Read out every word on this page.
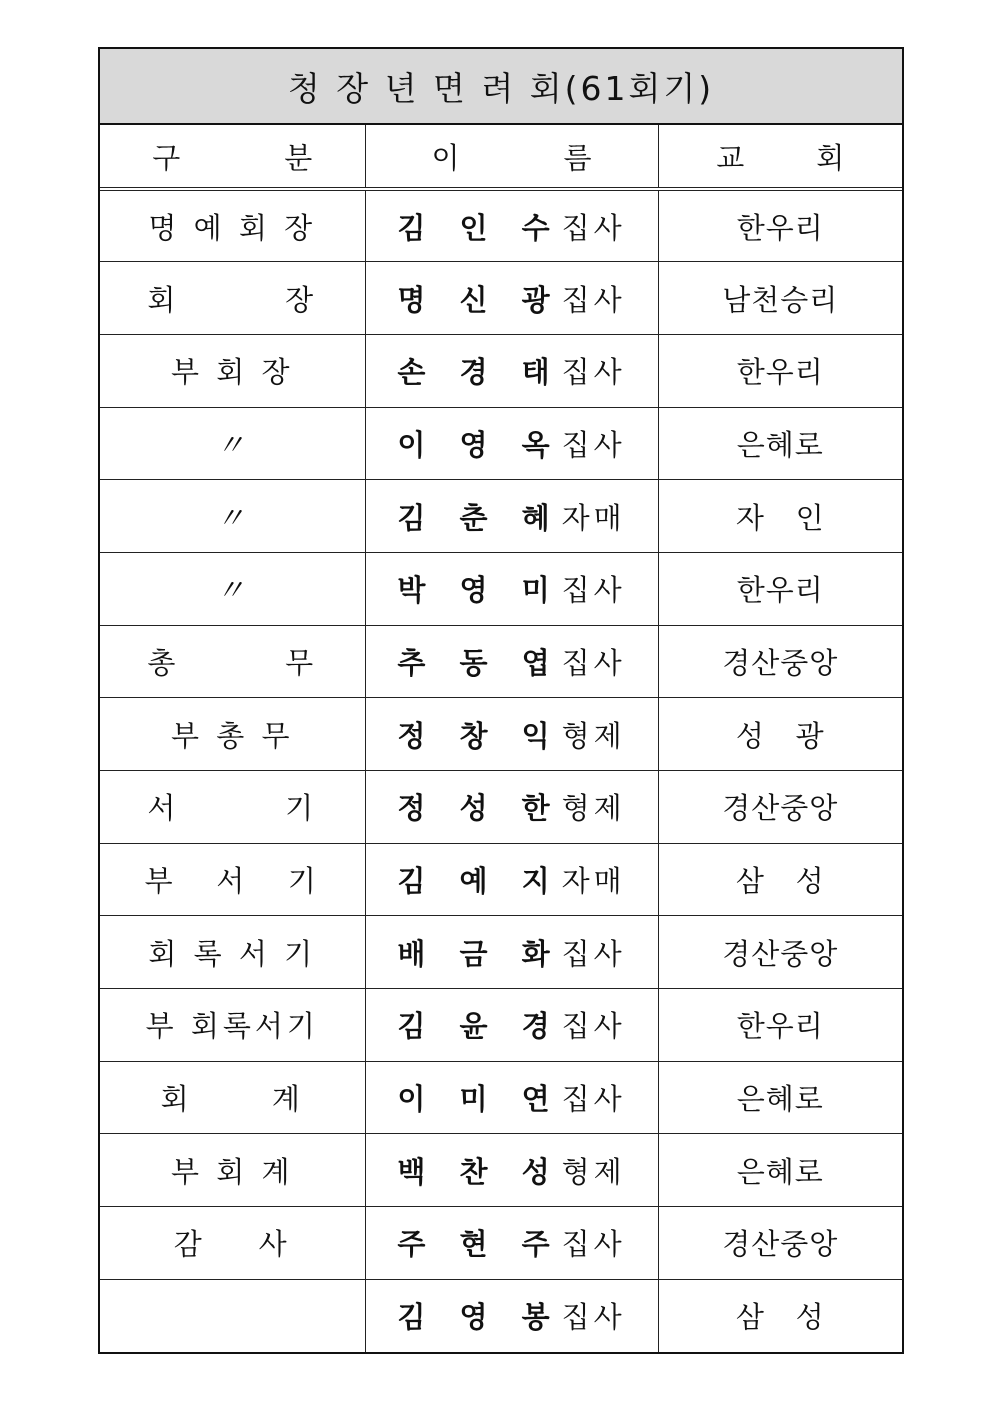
청 장 년 면 려 회(61회기)
구 분	이 름	교 회

명 예 회 장	김 인 수집사	한우리
회        장	명 신 광집사	남천승리
부 회 장	손 경 태집사	한우리
〃	이 영 옥집사	은혜로
〃	김 춘 혜자매	자   인
〃	박 영 미집사	한우리
총        무	추 동 엽집사	경산중앙
부 총 무	정 창 익형제	성   광
서        기	정 성 한형제	경산중앙
부   서   기	김 예 지자매	삼   성
회 록 서 기	배 금 화집사	경산중앙
부 회록서기	김 윤 경집사	한우리
회      계	이 미 연집사	은혜로
부 회 계	백 찬 성형제	은혜로
감    사	주 현 주집사	경산중앙
	김 영 봉집사	삼   성
